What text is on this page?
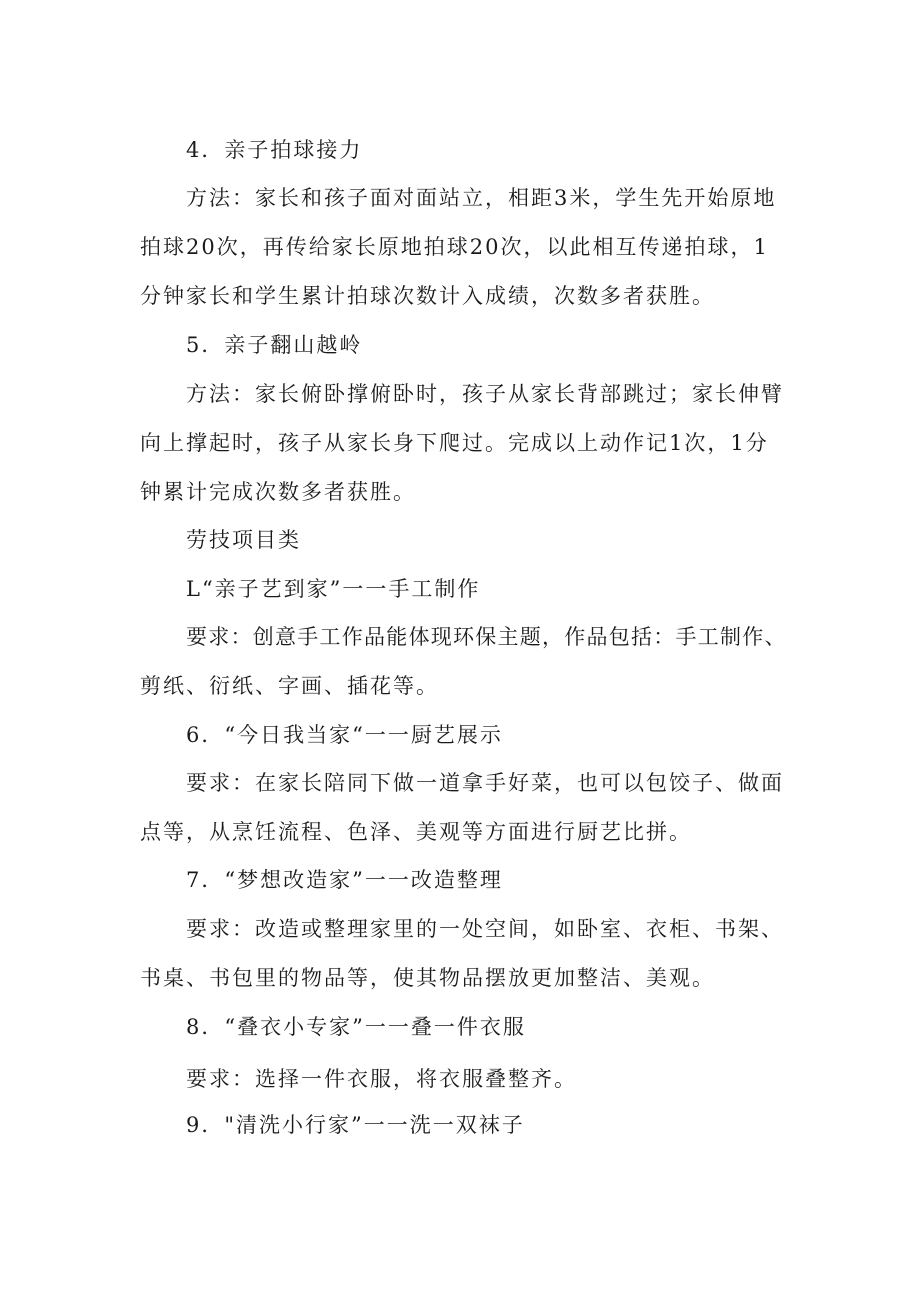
4．亲子拍球接力
方法：家长和孩子面对面站立，相距3米，学生先开始原地
拍球20次，再传给家长原地拍球20次，以此相互传递拍球，1
分钟家长和学生累计拍球次数计入成绩，次数多者获胜。
5．亲子翻山越岭
方法：家长俯卧撑俯卧时，孩子从家长背部跳过；家长伸臂
向上撑起时，孩子从家长身下爬过。完成以上动作记1次，1分
钟累计完成次数多者获胜。
劳技项目类
L“亲子艺到家”一一手工制作
要求：创意手工作品能体现环保主题，作品包括：手工制作、
剪纸、衍纸、字画、插花等。
6．“今日我当家“一一厨艺展示
要求：在家长陪同下做一道拿手好菜，也可以包饺子、做面
点等，从烹饪流程、色泽、美观等方面进行厨艺比拼。
7．“梦想改造家”一一改造整理
要求：改造或整理家里的一处空间，如卧室、衣柜、书架、
书桌、书包里的物品等，使其物品摆放更加整洁、美观。
8．“叠衣小专家”一一叠一件衣服
要求：选择一件衣服，将衣服叠整齐。
9．"清洗小行家”一一洗一双袜子
